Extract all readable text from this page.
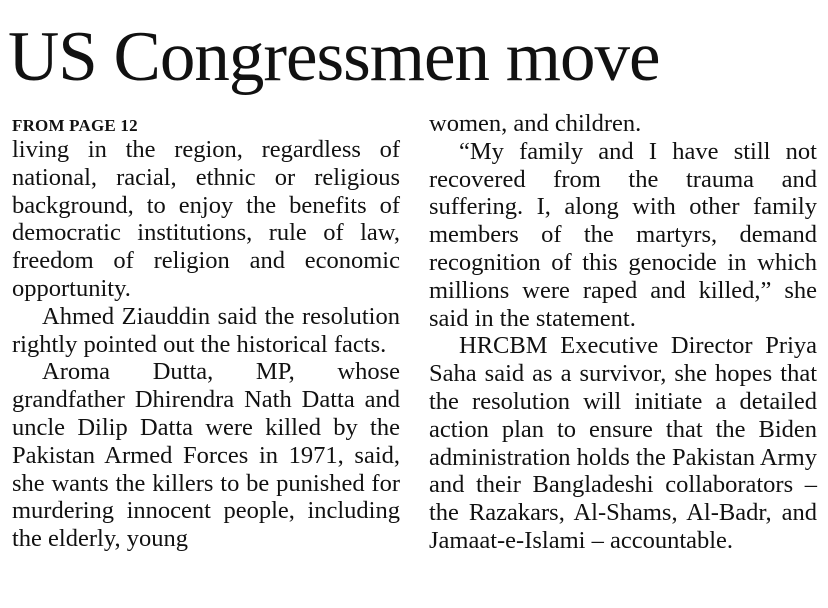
US Congressmen move
FROM PAGE 12

living in the region, regardless of national, racial, ethnic or religious background, to enjoy the benefits of democratic institutions, rule of law, freedom of religion and economic opportunity.

Ahmed Ziauddin said the resolution rightly pointed out the historical facts.

Aroma Dutta, MP, whose grandfather Dhirendra Nath Datta and uncle Dilip Datta were killed by the Pakistan Armed Forces in 1971, said, she wants the killers to be punished for murdering innocent people, including the elderly, young

women, and children.

“My family and I have still not recovered from the trauma and suffering. I, along with other family members of the martyrs, demand recognition of this genocide in which millions were raped and killed,” she said in the statement.

HRCBM Executive Director Priya Saha said as a survivor, she hopes that the resolution will initiate a detailed action plan to ensure that the Biden administration holds the Pakistan Army and their Bangladeshi collaborators – the Razakars, Al-Shams, Al-Badr, and Jamaat-e-Islami – accountable.
